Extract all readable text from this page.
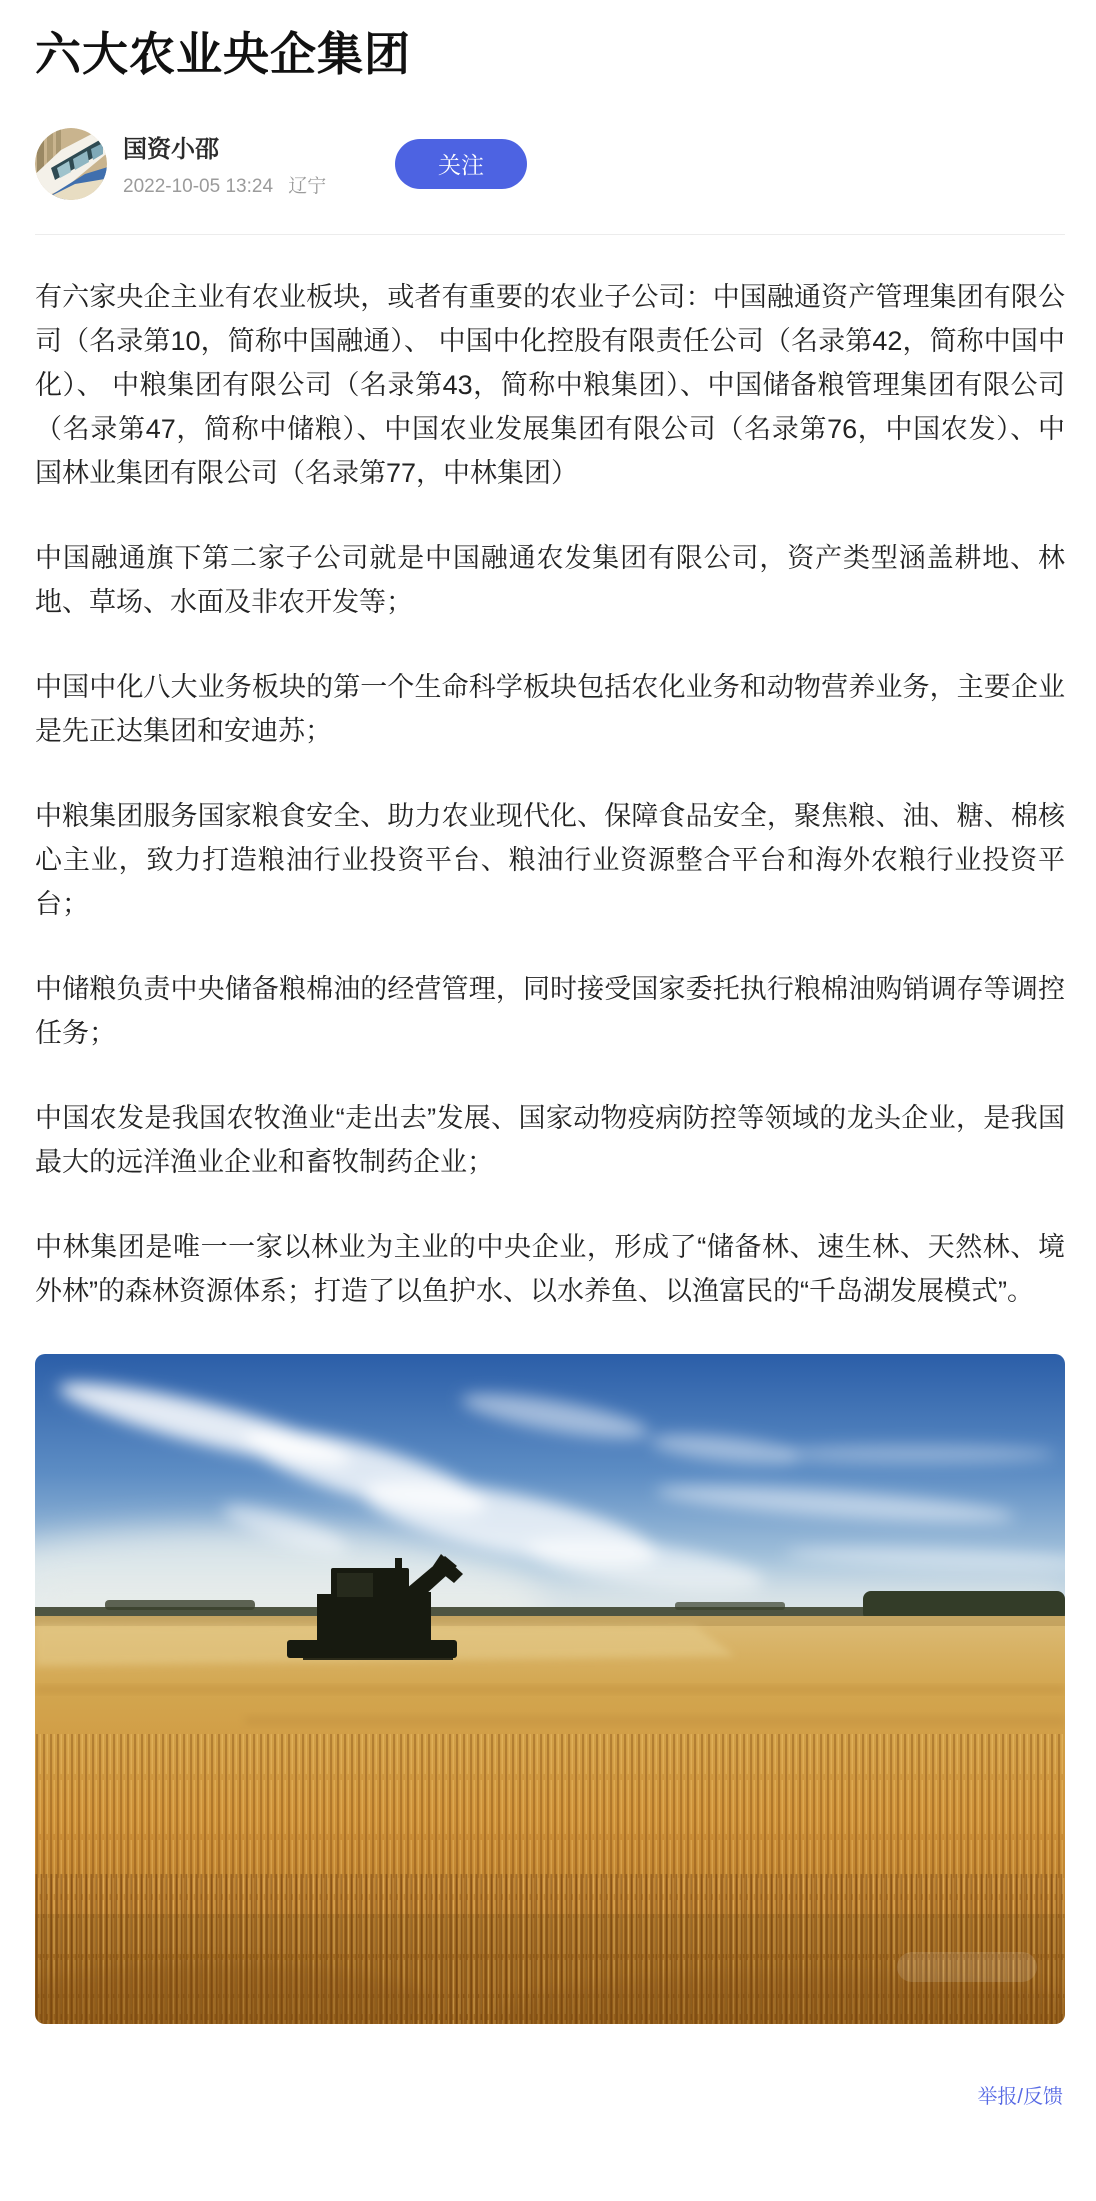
六大农业央企集团
国资小邵
2022-10-05 13:24 辽宁
关注

有六家央企主业有农业板块，或者有重要的农业子公司：中国融通资产管理集团有限公司（名录第10，简称中国融通）、 中国中化控股有限责任公司（名录第42，简称中国中化）、 中粮集团有限公司（名录第43，简称中粮集团）、中国储备粮管理集团有限公司（名录第47，简称中储粮）、中国农业发展集团有限公司（名录第76，中国农发）、中国林业集团有限公司（名录第77，中林集团）

中国融通旗下第二家子公司就是中国融通农发集团有限公司，资产类型涵盖耕地、林地、草场、水面及非农开发等；

中国中化八大业务板块的第一个生命科学板块包括农化业务和动物营养业务，主要企业是先正达集团和安迪苏；

中粮集团服务国家粮食安全、助力农业现代化、保障食品安全，聚焦粮、油、糖、棉核心主业，致力打造粮油行业投资平台、粮油行业资源整合平台和海外农粮行业投资平台；

中储粮负责中央储备粮棉油的经营管理，同时接受国家委托执行粮棉油购销调存等调控任务；

中国农发是我国农牧渔业“走出去”发展、国家动物疫病防控等领域的龙头企业，是我国最大的远洋渔业企业和畜牧制药企业；

中林集团是唯一一家以林业为主业的中央企业，形成了“储备林、速生林、天然林、境外林”的森林资源体系；打造了以鱼护水、以水养鱼、以渔富民的“千岛湖发展模式”。

举报/反馈
